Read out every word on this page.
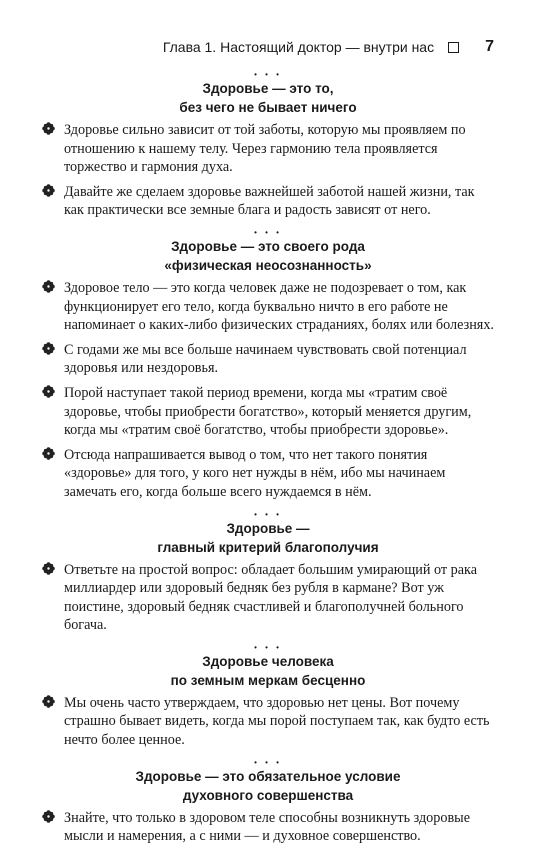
Глава 1. Настоящий доктор — внутри нас	7
• • •
Здоровье — это то,
без чего не бывает ничего
Здоровье сильно зависит от той заботы, которую мы проявляем по отношению к нашему телу. Через гармонию тела проявляется торжество и гармония духа.
Давайте же сделаем здоровье важнейшей заботой нашей жизни, так как практически все земные блага и радость зависят от него.
• • •
Здоровье — это своего рода
«физическая неосознанность»
Здоровое тело — это когда человек даже не подозревает о том, как функционирует его тело, когда буквально ничто в его работе не напоминает о каких-либо физических страданиях, болях или болезнях.
С годами же мы все больше начинаем чувствовать свой потенциал здоровья или нездоровья.
Порой наступает такой период времени, когда мы «тратим своё здоровье, чтобы приобрести богатство», который меняется другим, когда мы «тратим своё богатство, чтобы приобрести здоровье».
Отсюда напрашивается вывод о том, что нет такого понятия «здоровье» для того, у кого нет нужды в нём, ибо мы начинаем замечать его, когда больше всего нуждаемся в нём.
• • •
Здоровье —
главный критерий благополучия
Ответьте на простой вопрос: обладает большим умирающий от рака миллиардер или здоровый бедняк без рубля в кармане? Вот уж поистине, здоровый бедняк счастливей и благополучней больного богача.
• • •
Здоровье человека
по земным меркам бесценно
Мы очень часто утверждаем, что здоровью нет цены. Вот почему страшно бывает видеть, когда мы порой поступаем так, как будто есть нечто более ценное.
• • •
Здоровье — это обязательное условие
духовного совершенства
Знайте, что только в здоровом теле способны возникнуть здоровые мысли и намерения, а с ними — и духовное совершенство.
